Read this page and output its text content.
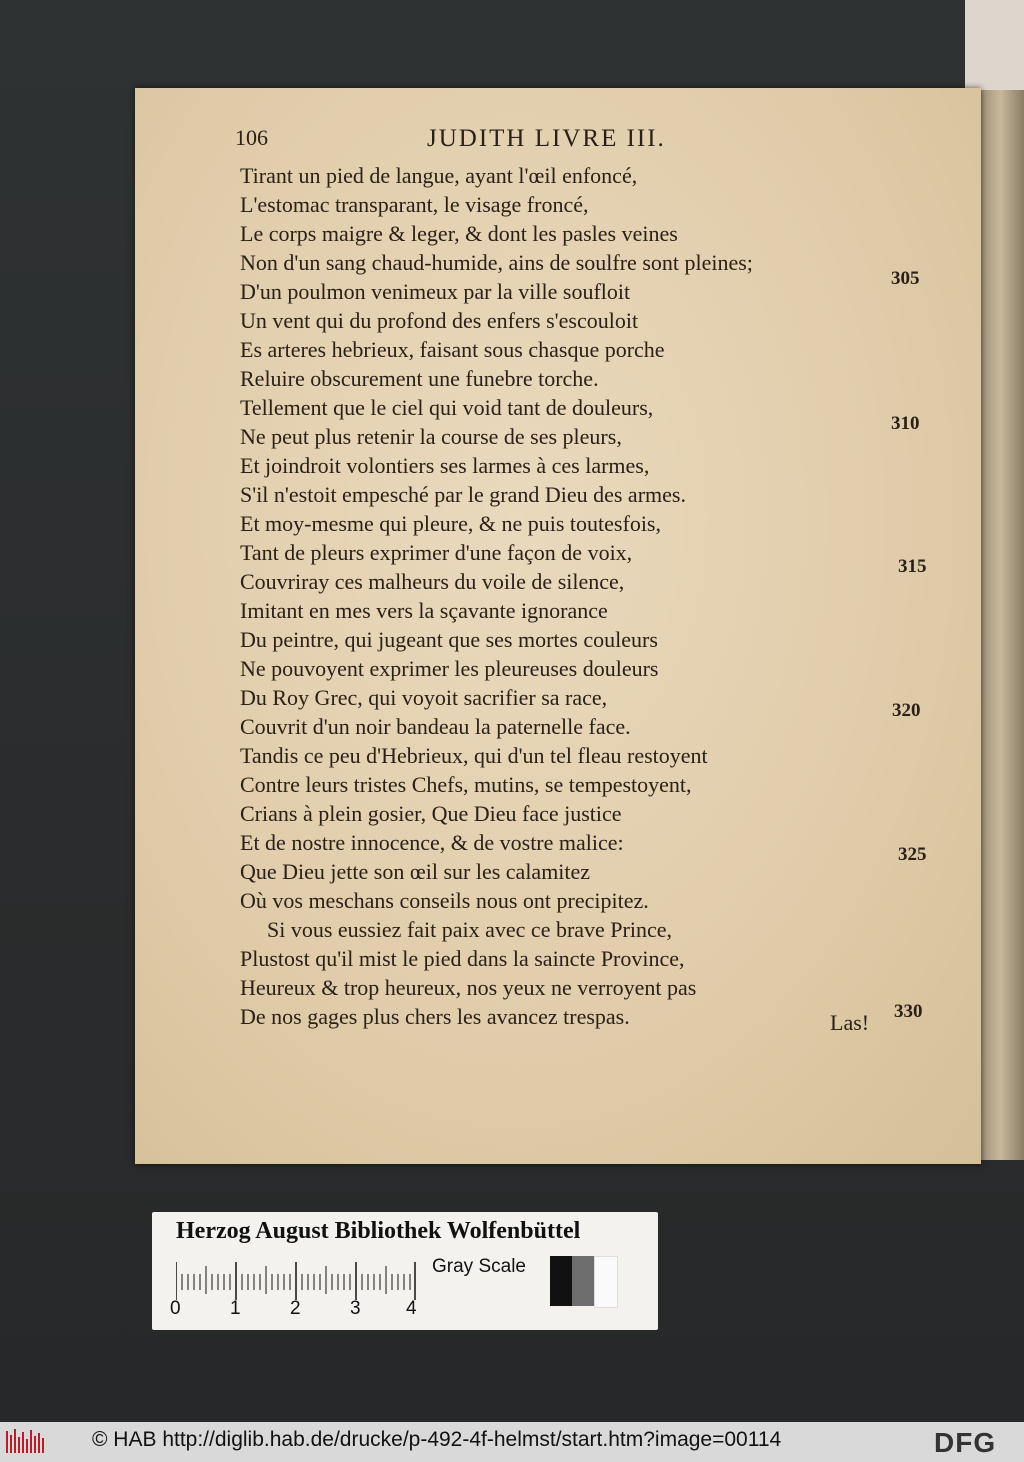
106	JUDITH LIVRE III.
Tirant un pied de langue, ayant l'œil enfoncé,
L'estomac transparant, le visage froncé,
Le corps maigre & leger, & dont les pasles veines
Non d'un sang chaud-humide, ains de soulfre sont pleines;
D'un poulmon venimeux par la ville soufloit
Un vent qui du profond des enfers s'escouloit
Es arteres hebrieux, faisant sous chasque porche
Reluire obscurement une funebre torche.
Tellement que le ciel qui void tant de douleurs,
Ne peut plus retenir la course de ses pleurs,
Et joindroit volontiers ses larmes à ces larmes,
S'il n'estoit empesché par le grand Dieu des armes.
Et moy-mesme qui pleure, & ne puis toutesfois,
Tant de pleurs exprimer d'une façon de voix,
Couvriray ces malheurs du voile de silence,
Imitant en mes vers la sçavante ignorance
Du peintre, qui jugeant que ses mortes couleurs
Ne pouvoyent exprimer les pleureuses douleurs
Du Roy Grec, qui voyoit sacrifier sa race,
Couvrit d'un noir bandeau la paternelle face.
Tandis ce peu d'Hebrieux, qui d'un tel fleau restoyent
Contre leurs tristes Chefs, mutins, se tempestoyent,
Crians à plein gosier, Que Dieu face justice
Et de nostre innocence, & de vostre malice:
Que Dieu jette son œil sur les calamitez
Où vos meschans conseils nous ont precipitez.
Si vous eussiez fait paix avec ce brave Prince,
Plustost qu'il mist le pied dans la saincte Province,
Heureux & trop heureux, nos yeux ne verroyent pas
De nos gages plus chers les avancez trespas.
305
310
315
320
325
330
Las!
Herzog August Bibliothek Wolfenbüttel
0	1	2	3 4
Gray Scale
© HAB http://diglib.hab.de/drucke/p-492-4f-helmst/start.htm?image=00114	DFG
